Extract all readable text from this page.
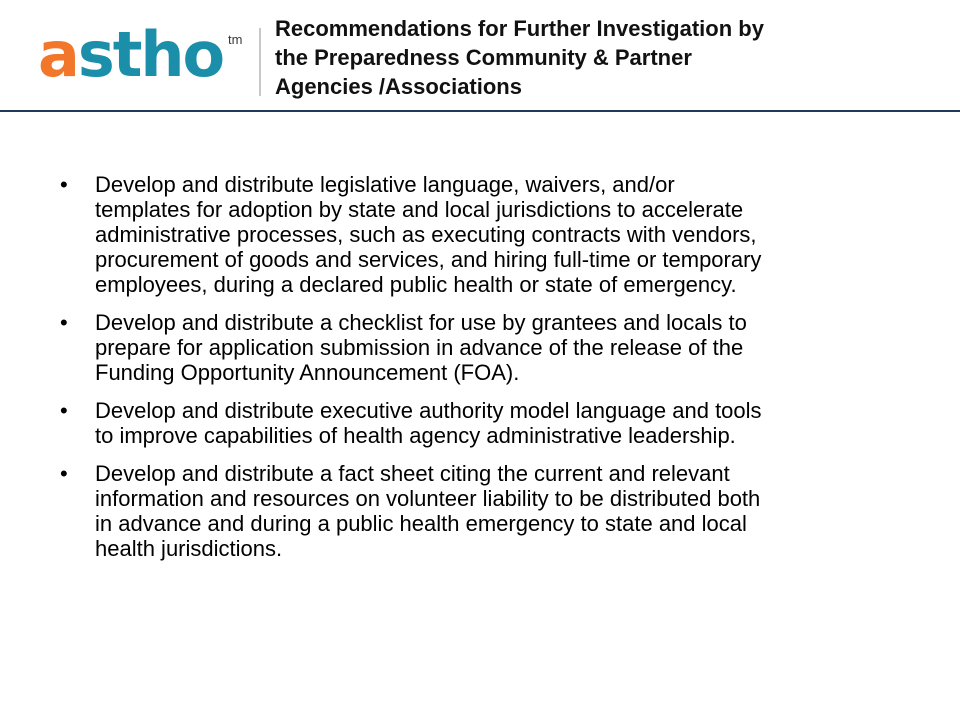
astho tm Recommendations for Further Investigation by
the Preparedness Community & Partner
Agencies /Associations
• Develop and distribute legislative language, waivers, and/or
templates for adoption by state and local jurisdictions to accelerate
administrative processes, such as executing contracts with vendors,
procurement of goods and services, and hiring full-time or temporary
employees, during a declared public health or state of emergency.
• Develop and distribute a checklist for use by grantees and locals to
prepare for application submission in advance of the release of the
Funding Opportunity Announcement (FOA).
• Develop and distribute executive authority model language and tools
to improve capabilities of health agency administrative leadership.
• Develop and distribute a fact sheet citing the current and relevant
information and resources on volunteer liability to be distributed both
in advance and during a public health emergency to state and local
health jurisdictions.
